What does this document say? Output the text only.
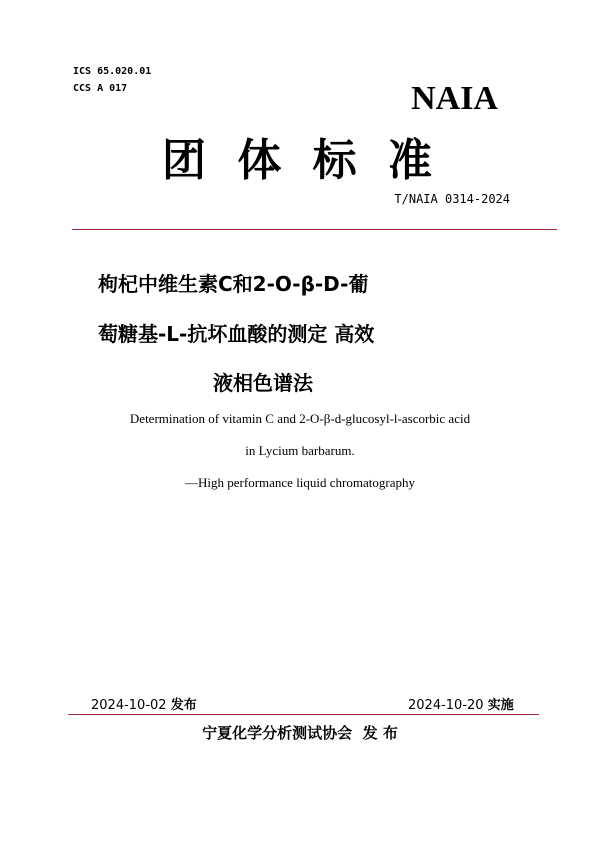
ICS 65.020.01
CCS A 017	NAIA
团 体 标 准
T/NAIA 0314-2024
枸杞中维生素C和2-O-β-D-葡
萄糖基-L-抗坏血酸的测定 高效
液相色谱法
Determination of vitamin C and 2-O-β-d-glucosyl-l-ascorbic acid
in Lycium barbarum.
—High performance liquid chromatography
2024-10-02 发布	2024-10-20 实施
宁夏化学分析测试协会  发 布
